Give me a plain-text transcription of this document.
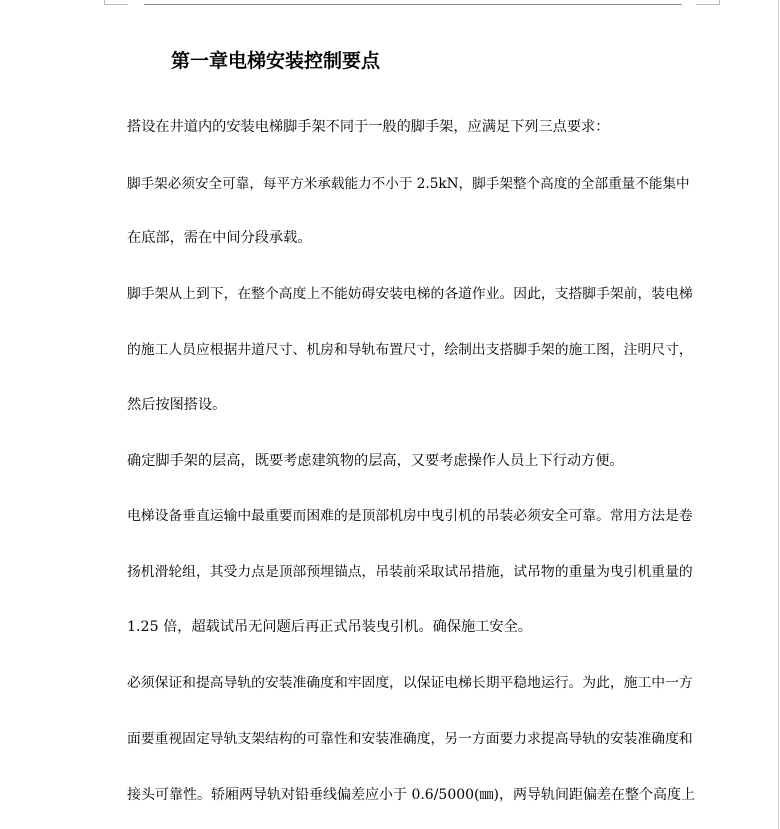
第一章电梯安装控制要点

搭设在井道内的安装电梯脚手架不同于一般的脚手架，应满足下列三点要求：

脚手架必须安全可靠，每平方米承载能力不小于 2.5kN，脚手架整个高度的全部重量不能集中

在底部，需在中间分段承载。

脚手架从上到下，在整个高度上不能妨碍安装电梯的各道作业。因此，支搭脚手架前，装电梯

的施工人员应根据井道尺寸、机房和导轨布置尺寸，绘制出支搭脚手架的施工图，注明尺寸，

然后按图搭设。

确定脚手架的层高，既要考虑建筑物的层高，又要考虑操作人员上下行动方便。

电梯设备垂直运输中最重要而困难的是顶部机房中曳引机的吊装必须安全可靠。常用方法是卷

扬机滑轮组，其受力点是顶部预埋锚点，吊装前采取试吊措施，试吊物的重量为曳引机重量的

1.25 倍，超载试吊无问题后再正式吊装曳引机。确保施工安全。

必须保证和提高导轨的安装准确度和牢固度，以保证电梯长期平稳地运行。为此，施工中一方

面要重视固定导轨支架结构的可靠性和安装准确度，另一方面要力求提高导轨的安装准确度和

接头可靠性。轿厢两导轨对铅垂线偏差应小于 0.6/5000(㎜)，两导轨间距偏差在整个高度上
